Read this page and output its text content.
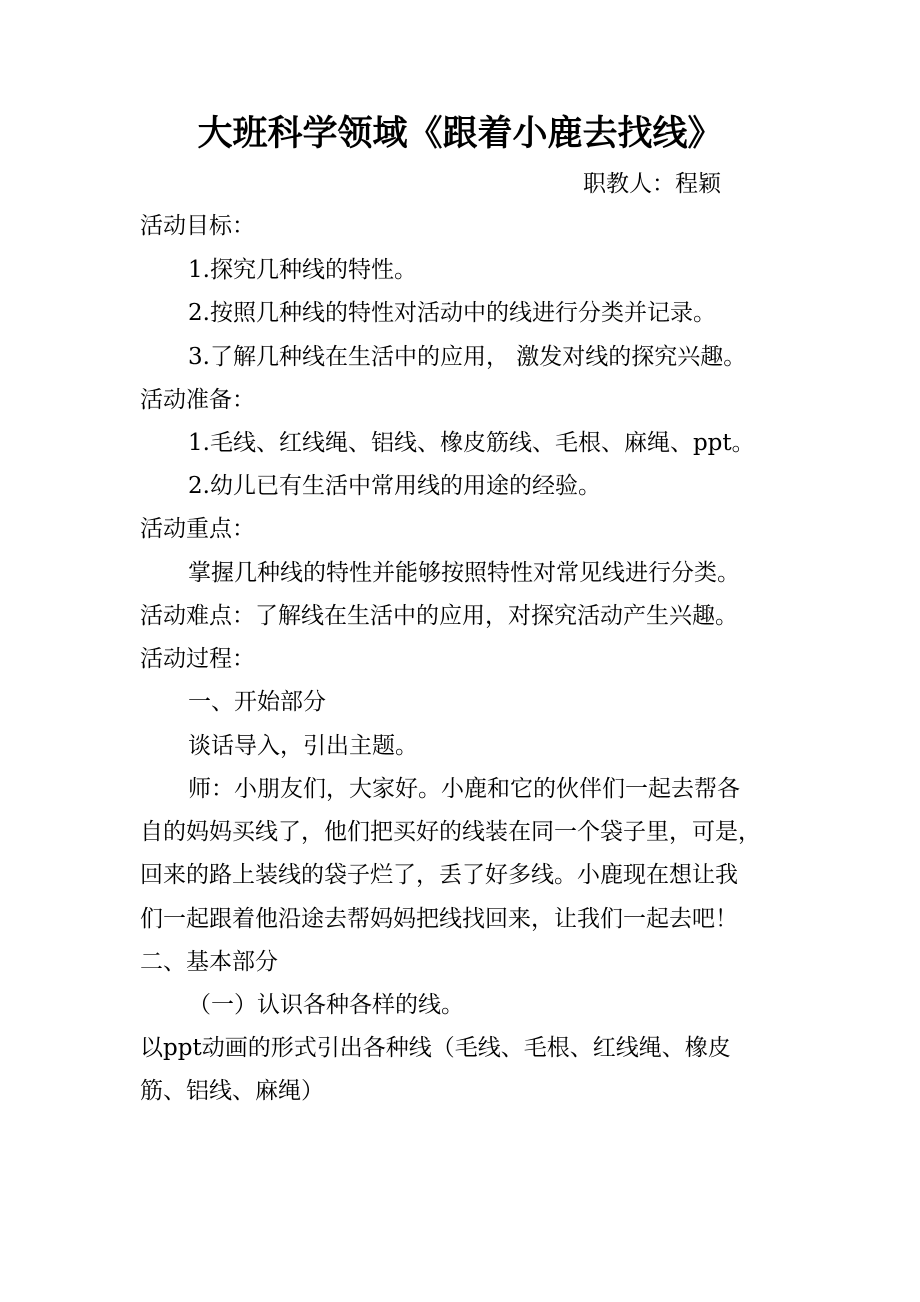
大班科学领域《跟着小鹿去找线》
职教人：程颖
活动目标：
1.探究几种线的特性。
2.按照几种线的特性对活动中的线进行分类并记录。
3.了解几种线在生活中的应用， 激发对线的探究兴趣。
活动准备：
1.毛线、红线绳、铝线、橡皮筋线、毛根、麻绳、ppt。
2.幼儿已有生活中常用线的用途的经验。
活动重点：
掌握几种线的特性并能够按照特性对常见线进行分类。
活动难点：了解线在生活中的应用，对探究活动产生兴趣。
活动过程：
一、开始部分
谈话导入，引出主题。
师：小朋友们，大家好。小鹿和它的伙伴们一起去帮各
自的妈妈买线了，他们把买好的线装在同一个袋子里，可是，
回来的路上装线的袋子烂了，丢了好多线。小鹿现在想让我
们一起跟着他沿途去帮妈妈把线找回来，让我们一起去吧！
二、基本部分
（一）认识各种各样的线。
以ppt动画的形式引出各种线（毛线、毛根、红线绳、橡皮
筋、铝线、麻绳）
